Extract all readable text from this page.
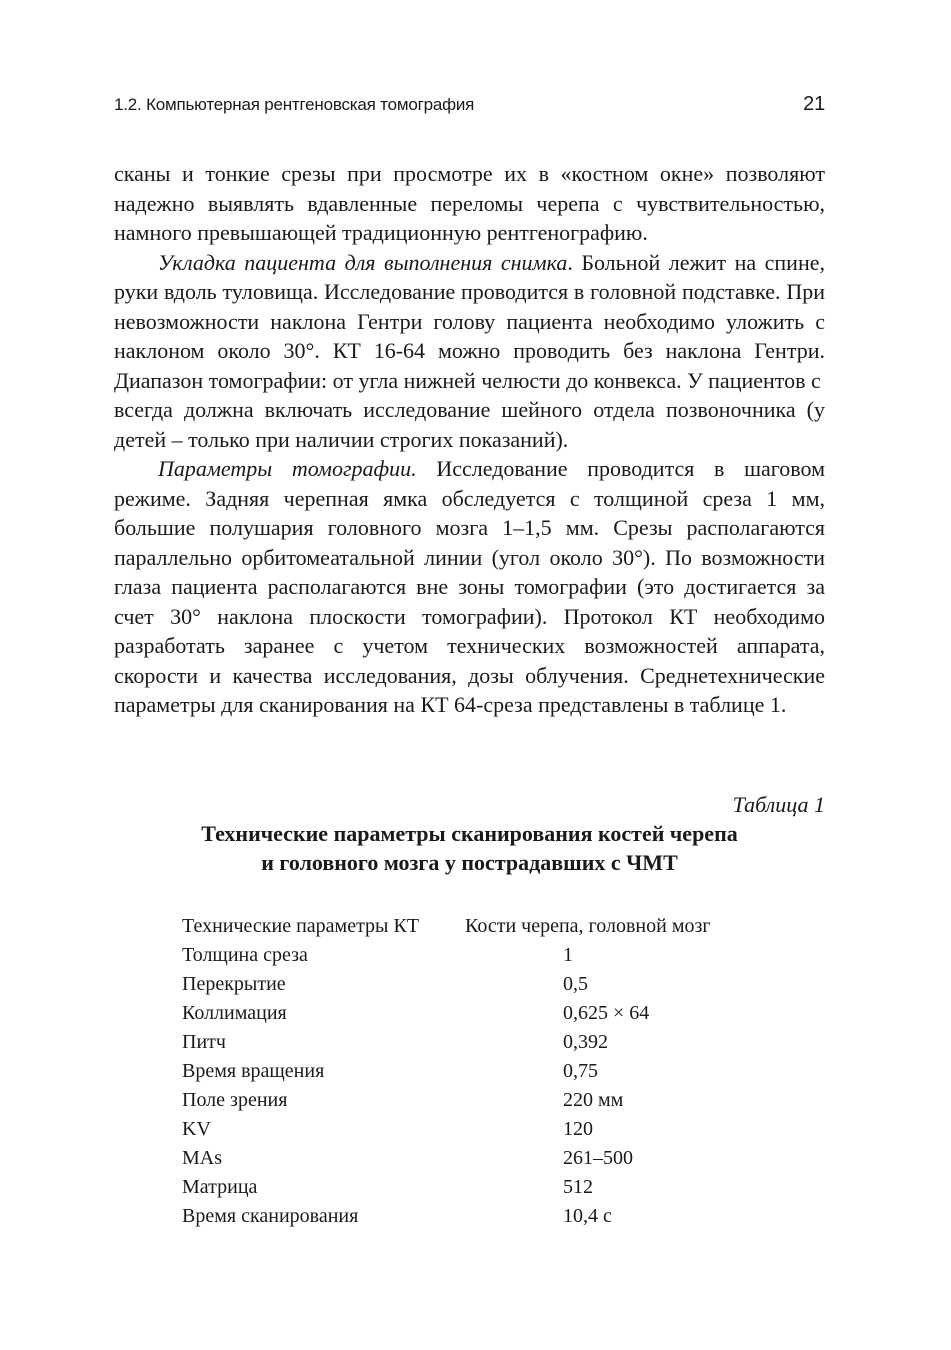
1.2. Компьютерная рентгеновская томография	21

сканы и тонкие срезы при просмотре их в «костном окне» позволяют надежно выявлять вдавленные переломы черепа с чувствительностью, намного превышающей традиционную рентгенографию.

Укладка пациента для выполнения снимка. Больной лежит на спине, руки вдоль туловища. Исследование проводится в головной подставке. При невозможности наклона Гентри голову пациента необходимо уложить с наклоном около 30°. КТ 16-64 можно проводить без наклона Гентри. Диапазон томографии: от угла нижней челюсти до конвекса. У пациентов с

всегда должна включать исследование шейного отдела позвоночника (у детей – только при наличии строгих показаний).

Параметры томографии. Исследование проводится в шаговом режиме. Задняя черепная ямка обследуется с толщиной среза 1 мм, большие полушария головного мозга 1–1,5 мм. Срезы располагаются параллельно орбитомеатальной линии (угол около 30°). По возможности глаза пациента располагаются вне зоны томографии (это достигается за счет 30° наклона плоскости томографии). Протокол КТ необходимо разработать заранее с учетом технических возможностей аппарата, скорости и качества исследования, дозы облучения. Среднетехнические параметры для сканирования на КТ 64-среза представлены в таблице 1.

Таблица 1
Технические параметры сканирования костей черепа
и головного мозга у пострадавших с ЧМТ
Технические параметры КТ	Кости черепа, головной мозг
Толщина среза	1
Перекрытие	0,5
Коллимация	0,625 × 64
Питч	0,392
Время вращения	0,75
Поле зрения	220 мм
KV	120
MAs	261–500
Матрица	512
Время сканирования	10,4 с
